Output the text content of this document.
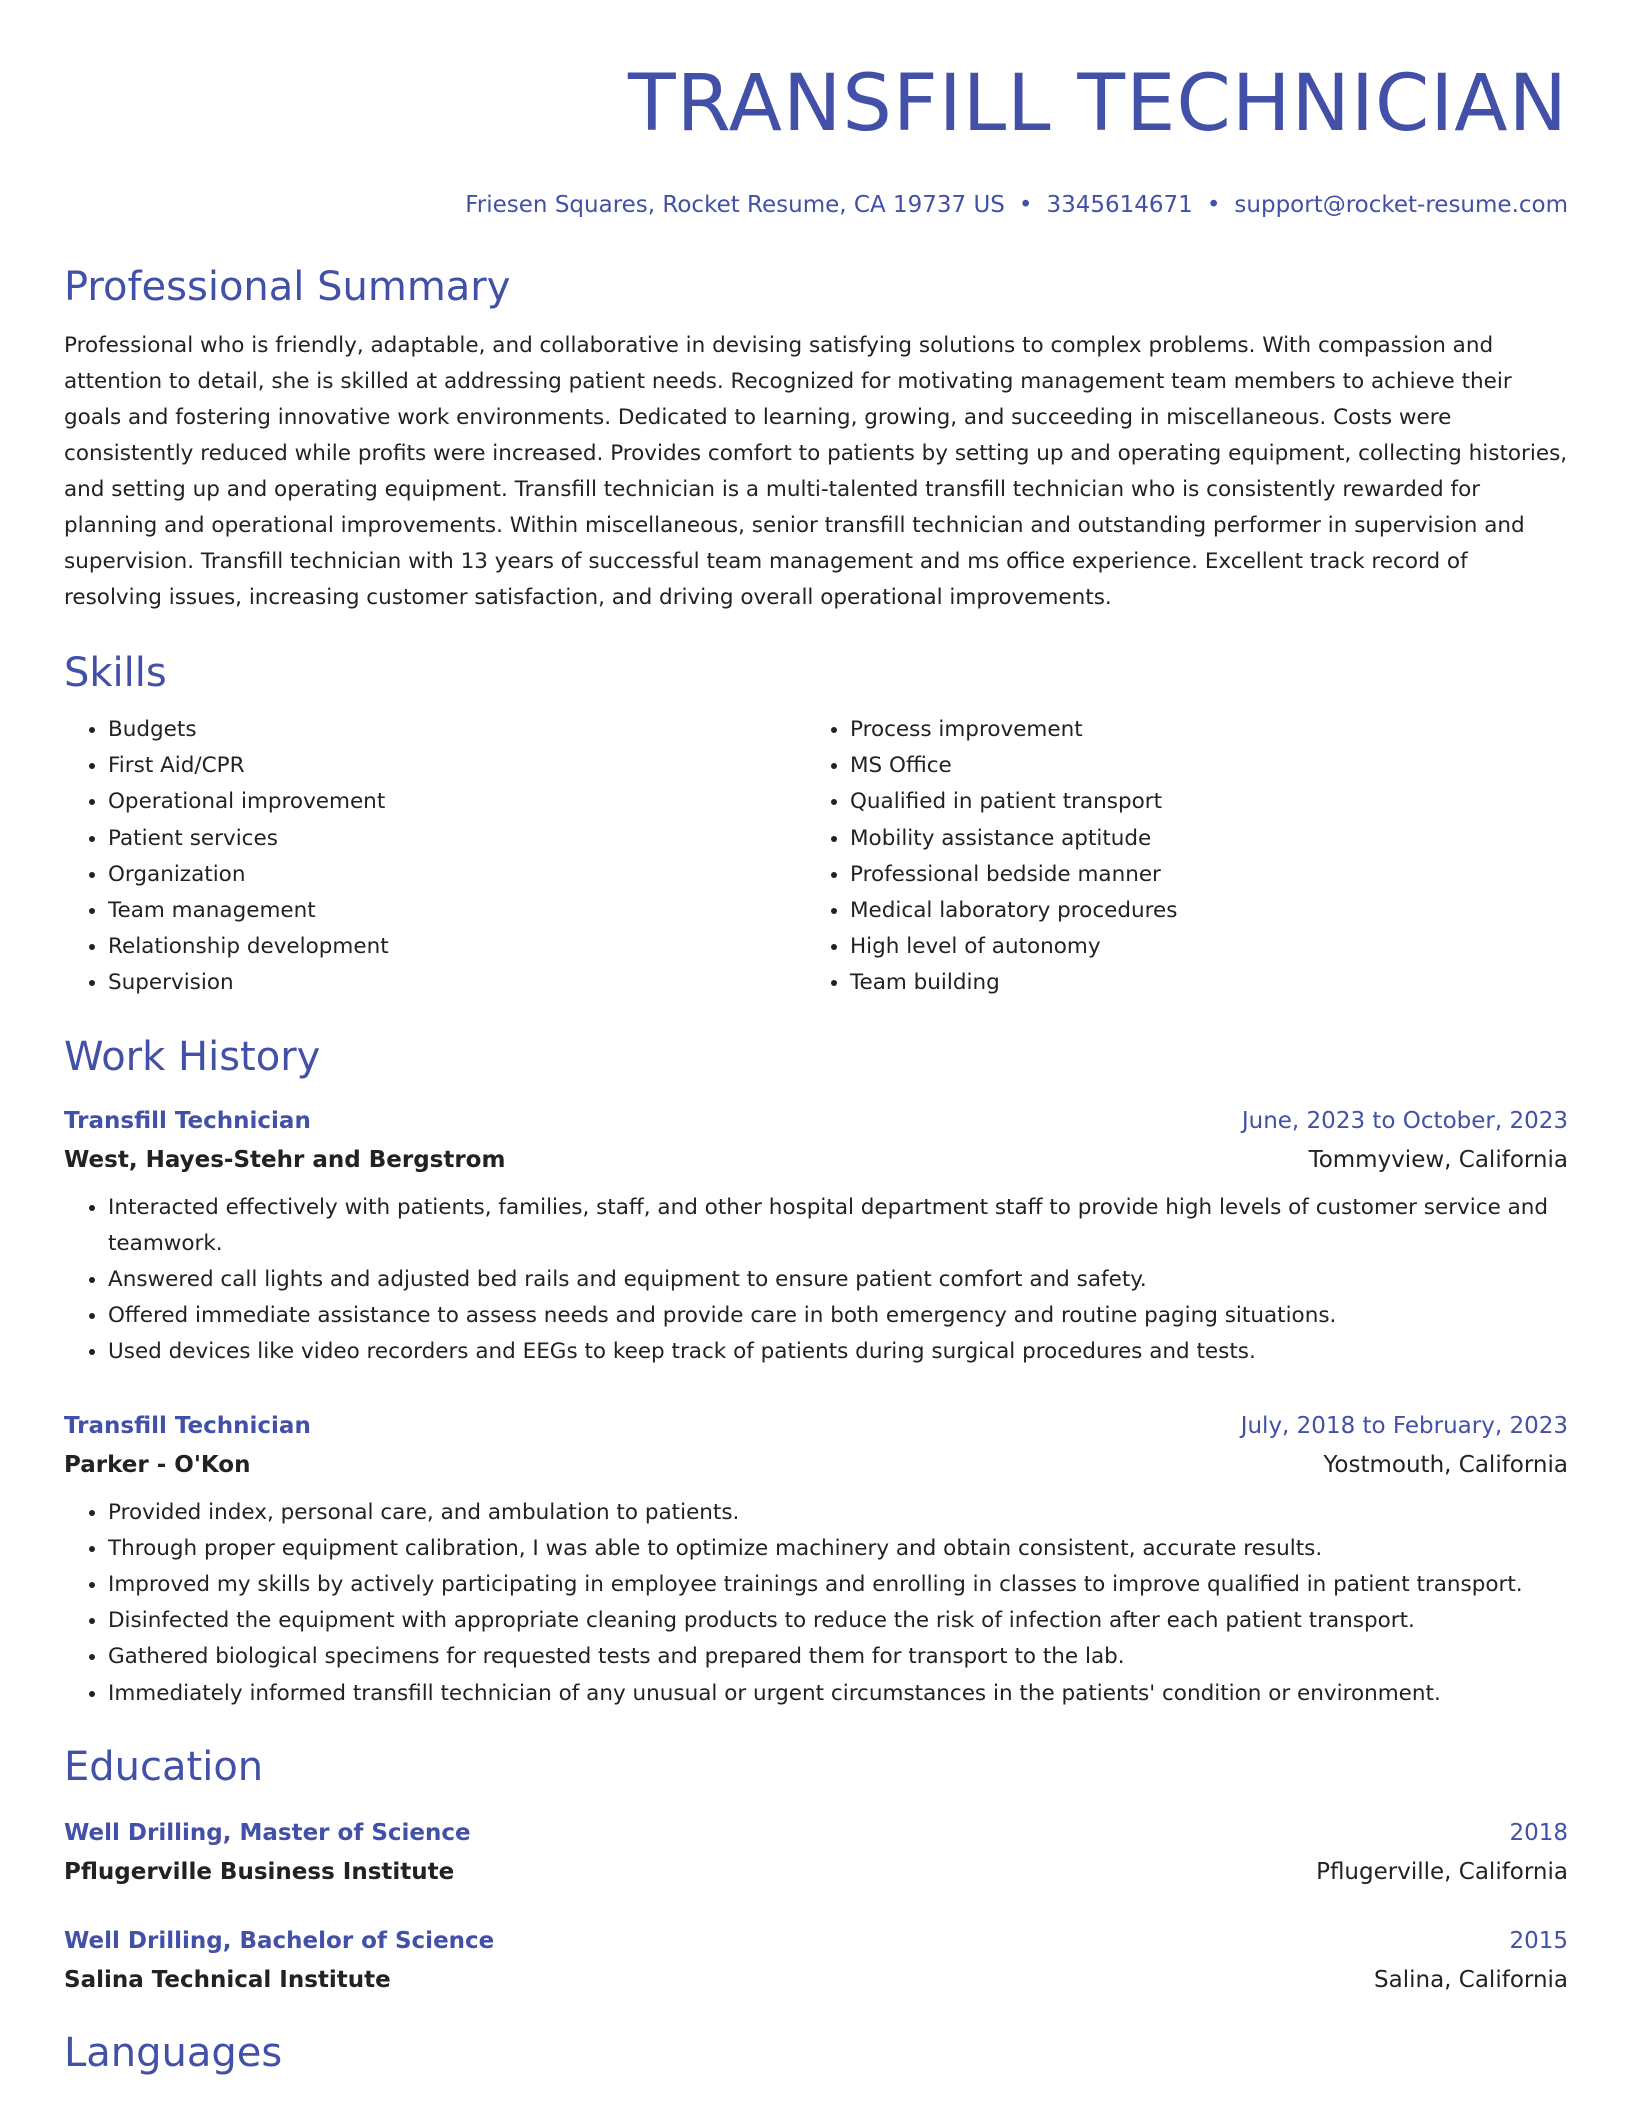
TRANSFILL TECHNICIAN
Friesen Squares, Rocket Resume, CA 19737 US • 3345614671 • support@rocket-resume.com
Professional Summary

Professional who is friendly, adaptable, and collaborative in devising satisfying solutions to complex problems. With compassion and attention to detail, she is skilled at addressing patient needs. Recognized for motivating management team members to achieve their goals and fostering innovative work environments. Dedicated to learning, growing, and succeeding in miscellaneous. Costs were consistently reduced while profits were increased. Provides comfort to patients by setting up and operating equipment, collecting histories, and setting up and operating equipment. Transfill technician is a multi-talented transfill technician who is consistently rewarded for planning and operational improvements. Within miscellaneous, senior transfill technician and outstanding performer in supervision and supervision. Transfill technician with 13 years of successful team management and ms office experience. Excellent track record of resolving issues, increasing customer satisfaction, and driving overall operational improvements.

Skills
• Budgets
• First Aid/CPR
• Operational improvement
• Patient services
• Organization
• Team management
• Relationship development
• Supervision
• Process improvement
• MS Office
• Qualified in patient transport
• Mobility assistance aptitude
• Professional bedside manner
• Medical laboratory procedures
• High level of autonomy
• Team building
Work History
Transfill Technician	June, 2023 to October, 2023
West, Hayes-Stehr and Bergstrom	Tommyview, California
• Interacted effectively with patients, families, staff, and other hospital department staff to provide high levels of customer service and teamwork.
• Answered call lights and adjusted bed rails and equipment to ensure patient comfort and safety.
• Offered immediate assistance to assess needs and provide care in both emergency and routine paging situations.
• Used devices like video recorders and EEGs to keep track of patients during surgical procedures and tests.
Transfill Technician	July, 2018 to February, 2023
Parker - O'Kon	Yostmouth, California
• Provided index, personal care, and ambulation to patients.
• Through proper equipment calibration, I was able to optimize machinery and obtain consistent, accurate results.
• Improved my skills by actively participating in employee trainings and enrolling in classes to improve qualified in patient transport.
• Disinfected the equipment with appropriate cleaning products to reduce the risk of infection after each patient transport.
• Gathered biological specimens for requested tests and prepared them for transport to the lab.
• Immediately informed transfill technician of any unusual or urgent circumstances in the patients' condition or environment.
Education
Well Drilling, Master of Science	2018
Pflugerville Business Institute	Pflugerville, California
Well Drilling, Bachelor of Science	2015
Salina Technical Institute	Salina, California
Languages
